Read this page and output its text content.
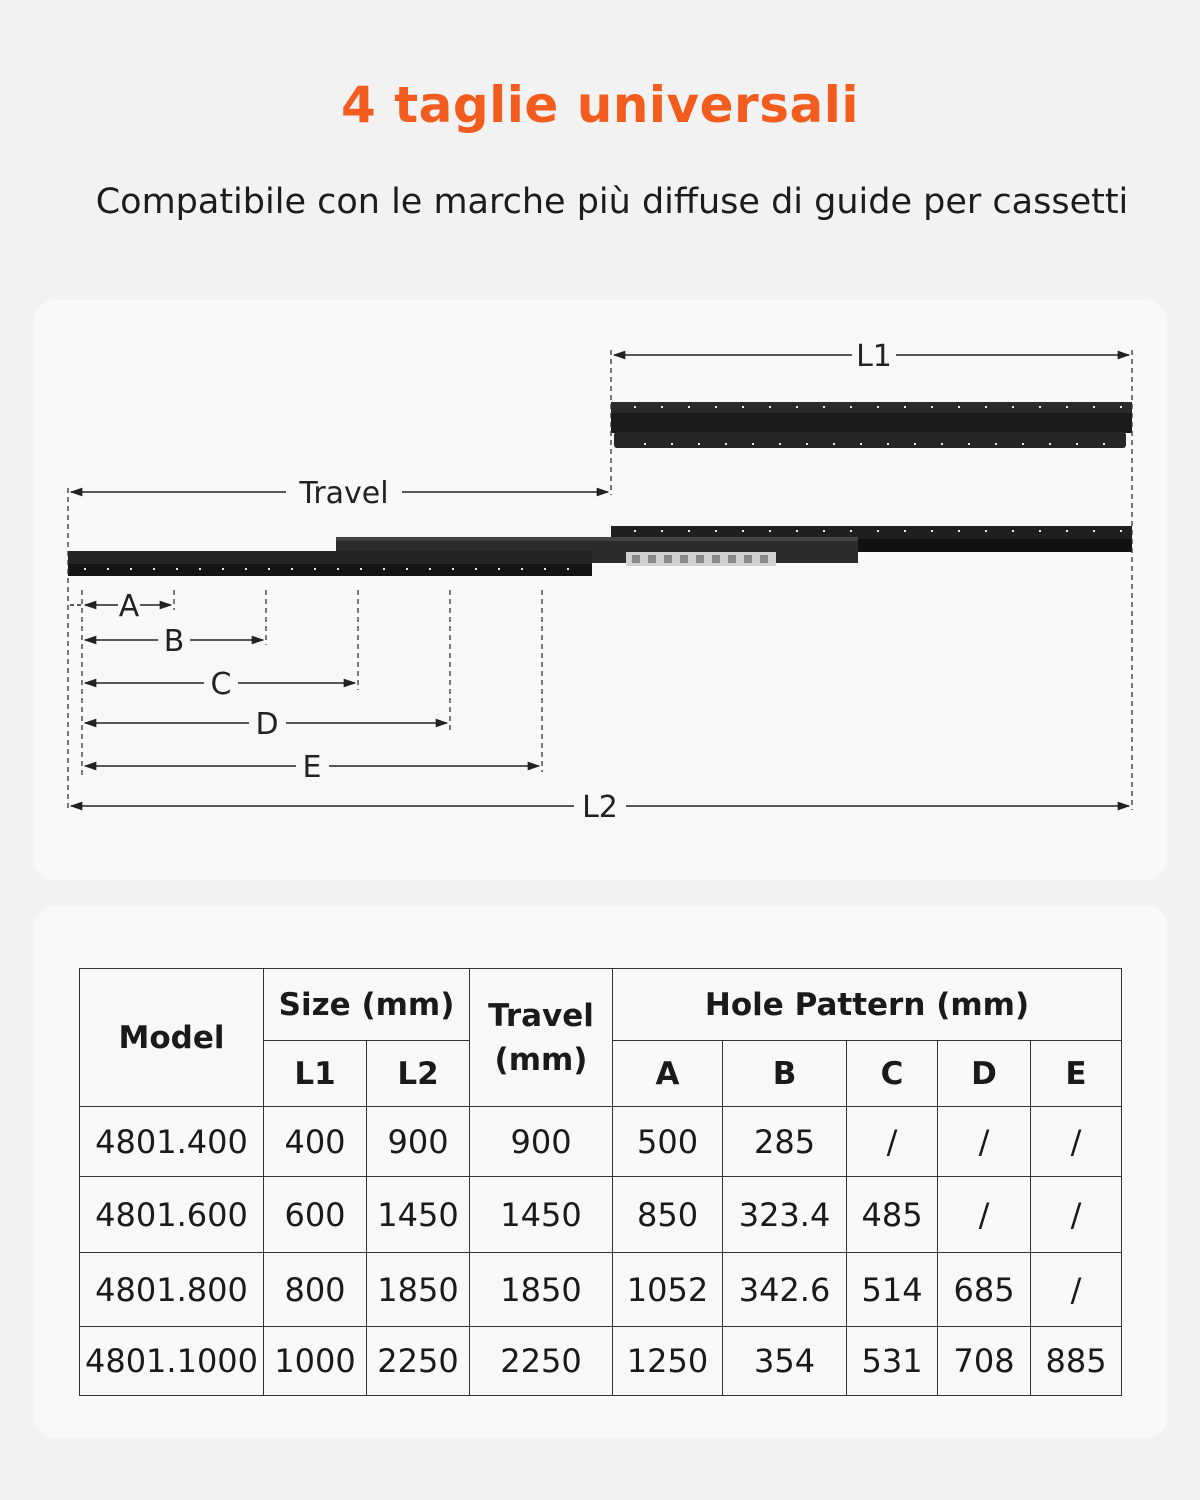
4 taglie universali
Compatibile con le marche più diffuse di guide per cassetti
L1
Travel
A
B
C
D
E
L2
Model	Size (mm)		Travel
(mm)	Hole Pattern (mm)				
	L1	L2		A	B	C	D	E
4801.400	400	900	900	500	285	/	/	/
4801.600	600	1450	1450	850	323.4	485	/	/
4801.800	800	1850	1850	1052	342.6	514	685	/
4801.1000	1000	2250	2250	1250	354	531	708	885
